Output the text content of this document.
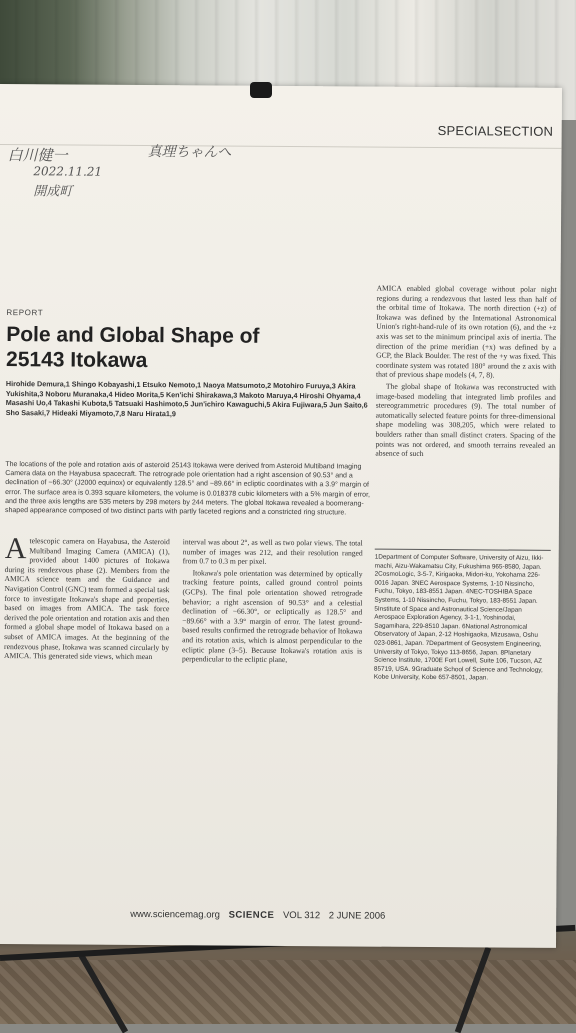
SPECIALSECTION
白川健一
2022.11.21
開成町
真理ちゃんへ
REPORT
Pole and Global Shape of
25143 Itokawa
Hirohide Demura,1 Shingo Kobayashi,1 Etsuko Nemoto,1 Naoya Matsumoto,2 Motohiro Furuya,3 Akira Yukishita,3 Noboru Muranaka,4 Hideo Morita,5 Ken'ichi Shirakawa,3 Makoto Maruya,4 Hiroshi Ohyama,4 Masashi Uo,4 Takashi Kubota,5 Tatsuaki Hashimoto,5 Jun'ichiro Kawaguchi,5 Akira Fujiwara,5 Jun Saito,6 Sho Sasaki,7 Hideaki Miyamoto,7,8 Naru Hirata1,9
The locations of the pole and rotation axis of asteroid 25143 Itokawa were derived from Asteroid Multiband Imaging Camera data on the Hayabusa spacecraft. The retrograde pole orientation had a right ascension of 90.53° and a declination of −66.30° (J2000 equinox) or equivalently 128.5° and −89.66° in ecliptic coordinates with a 3.9° margin of error. The surface area is 0.393 square kilometers, the volume is 0.018378 cubic kilometers with a 5% margin of error, and the three axis lengths are 535 meters by 298 meters by 244 meters. The global Itokawa revealed a boomerang-shaped appearance composed of two distinct parts with partly faceted regions and a constricted ring structure.
A telescopic camera on Hayabusa, the Asteroid Multiband Imaging Camera (AMICA) (1), provided about 1400 pictures of Itokawa during its rendezvous phase (2). Members from the AMICA science team and the Guidance and Navigation Control (GNC) team formed a special task force to investigate Itokawa's shape and properties, based on images from AMICA. The task force derived the pole orientation and rotation axis and then formed a global shape model of Itokawa based on a subset of AMICA images. At the beginning of the rendezvous phase, Itokawa was scanned circularly by AMICA. This generated side views, which mean

interval was about 2°, as well as two polar views. The total number of images was 212, and their resolution ranged from 0.7 to 0.3 m per pixel.

Itokawa's pole orientation was determined by optically tracking feature points, called ground control points (GCPs). The final pole orientation showed retrograde behavior; a right ascension of 90.53° and a celestial declination of −66.30°, or ecliptically as 128.5° and −89.66° with a 3.9° margin of error. The latest ground-based results confirmed the retrograde behavior of Itokawa and its rotation axis, which is almost perpendicular to the ecliptic plane (3–5). Because Itokawa's rotation axis is perpendicular to the ecliptic plane,

AMICA enabled global coverage without polar night regions during a rendezvous that lasted less than half of the orbital time of Itokawa. The north direction (+z) of Itokawa was defined by the International Astronomical Union's right-hand-rule of its own rotation (6), and the +z axis was set to the minimum principal axis of inertia. The direction of the prime meridian (+x) was defined by a GCP, the Black Boulder. The rest of the +y was fixed. This coordinate system was rotated 180° around the z axis with that of previous shape models (4, 7, 8).

The global shape of Itokawa was reconstructed with image-based modeling that integrated limb profiles and stereogrammetric procedures (9). The total number of automatically selected feature points for three-dimensional shape modeling was 308,205, which were related to boulders rather than small distinct craters. Spacing of the points was not ordered, and smooth terrains revealed an absence of such

1Department of Computer Software, University of Aizu, Ikki-machi, Aizu-Wakamatsu City, Fukushima 965-8580, Japan. 2CosmoLogic, 3-5-7, Kirigaoka, Midori-ku, Yokohama 226-0016 Japan. 3NEC Aerospace Systems, 1-10 Nissincho, Fuchu, Tokyo, 183-8551 Japan. 4NEC-TOSHIBA Space Systems, 1-10 Nissincho, Fuchu, Tokyo, 183-8551 Japan. 5Institute of Space and Astronautical Science/Japan Aerospace Exploration Agency, 3-1-1, Yoshinodai, Sagamihara, 229-8510 Japan. 6National Astronomical Observatory of Japan, 2-12 Hoshigaoka, Mizusawa, Oshu 023-0861, Japan. 7Department of Geosystem Engineering, University of Tokyo, Tokyo 113-8656, Japan. 8Planetary Science Institute, 1700E Fort Lowell, Suite 106, Tucson, AZ 85719, USA. 9Graduate School of Science and Technology, Kobe University, Kobe 657-8501, Japan.
www.sciencemag.org SCIENCE VOL 312 2 JUNE 2006
